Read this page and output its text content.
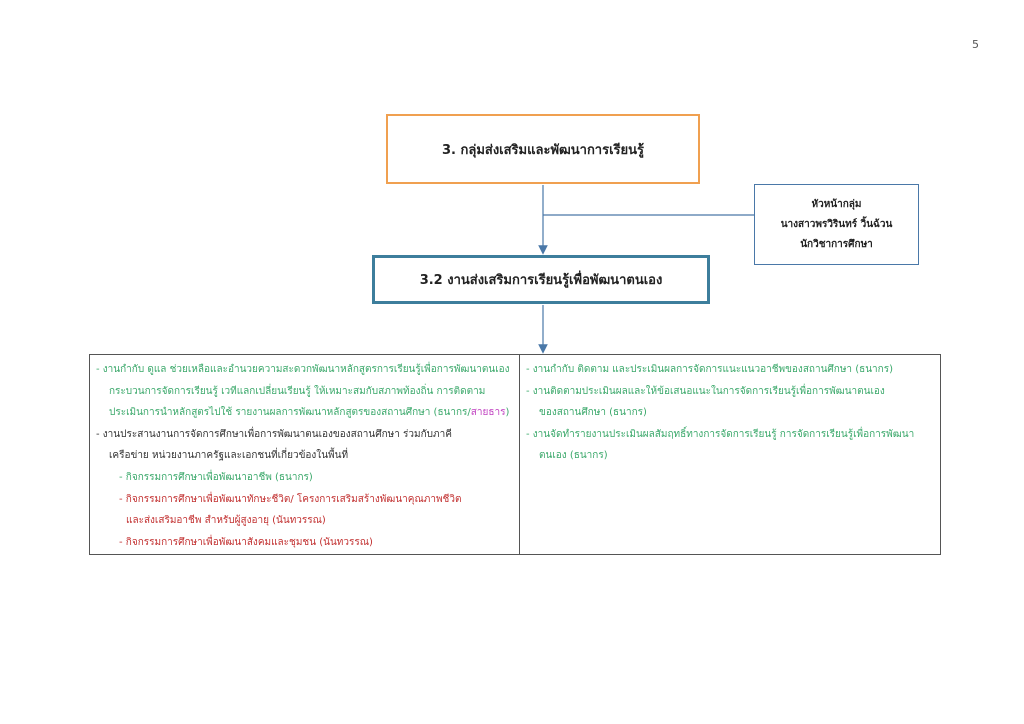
5
3. กลุ่มส่งเสริมและพัฒนาการเรียนรู้
หัวหน้ากลุ่ม
นางสาวพรวิรินทร์ วิ้นฉ้วน
นักวิชาการศึกษา
3.2 งานส่งเสริมการเรียนรู้เพื่อพัฒนาตนเอง
- งานกำกับ ดูแล ช่วยเหลือและอำนวยความสะดวกพัฒนาหลักสูตรการเรียนรู้เพื่อการพัฒนาตนเอง
กระบวนการจัดการเรียนรู้ เวทีแลกเปลี่ยนเรียนรู้ ให้เหมาะสมกับสภาพท้องถิ่น การติดตาม
ประเมินการนำหลักสูตรไปใช้ รายงานผลการพัฒนาหลักสูตรของสถานศึกษา (ธนากร/สายธาร)
- งานประสานงานการจัดการศึกษาเพื่อการพัฒนาตนเองของสถานศึกษา ร่วมกับภาคี
เครือข่าย หน่วยงานภาครัฐและเอกชนที่เกี่ยวข้องในพื้นที่
- กิจกรรมการศึกษาเพื่อพัฒนาอาชีพ (ธนากร)
- กิจกรรมการศึกษาเพื่อพัฒนาทักษะชีวิต/ โครงการเสริมสร้างพัฒนาคุณภาพชีวิต
และส่งเสริมอาชีพ สำหรับผู้สูงอายุ (นันทวรรณ)
- กิจกรรมการศึกษาเพื่อพัฒนาสังคมและชุมชน (นันทวรรณ)
- งานกำกับ ติดตาม และประเมินผลการจัดการแนะแนวอาชีพของสถานศึกษา (ธนากร)
- งานติดตามประเมินผลและให้ข้อเสนอแนะในการจัดการเรียนรู้เพื่อการพัฒนาตนเอง
ของสถานศึกษา (ธนากร)
- งานจัดทำรายงานประเมินผลสัมฤทธิ์ทางการจัดการเรียนรู้ การจัดการเรียนรู้เพื่อการพัฒนา
ตนเอง (ธนากร)
